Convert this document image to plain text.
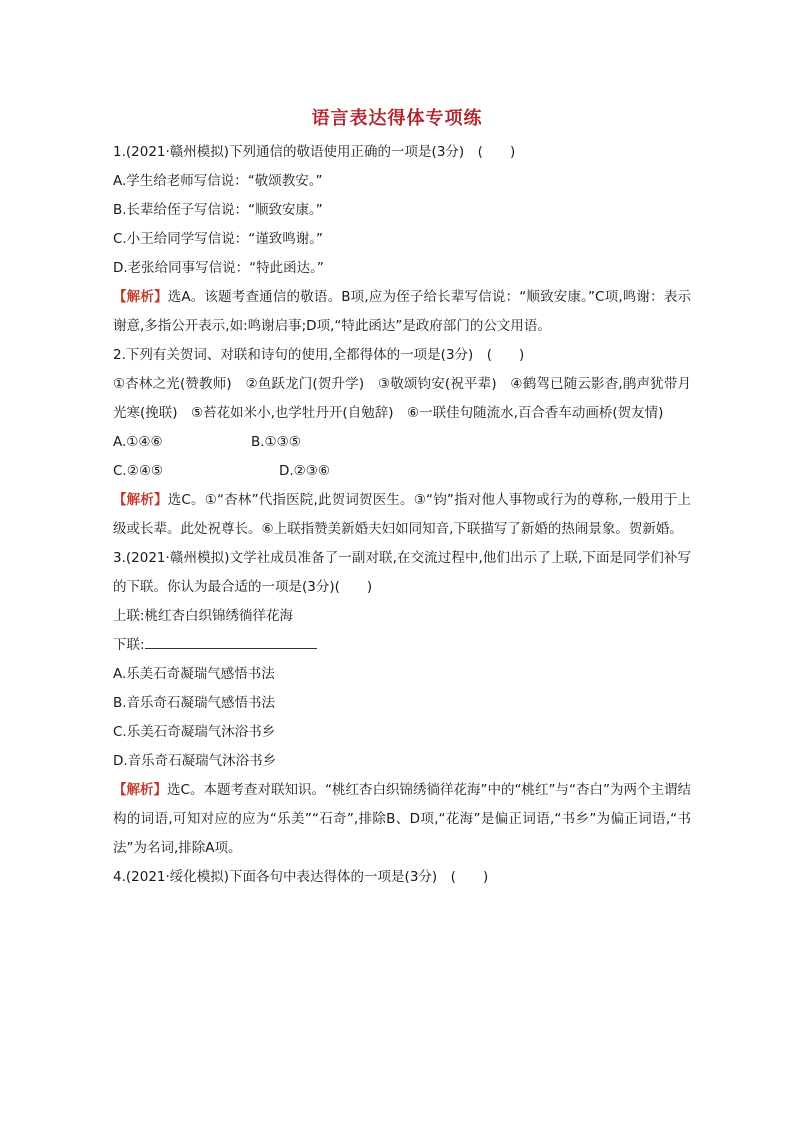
语言表达得体专项练
1.(2021·赣州模拟)下列通信的敬语使用正确的一项是(3分)　(　　)
A.学生给老师写信说：“敬颂教安。”
B.长辈给侄子写信说：“顺致安康。”
C.小王给同学写信说：“谨致鸣谢。”
D.老张给同事写信说：“特此函达。”
【解析】选A。该题考查通信的敬语。B项,应为侄子给长辈写信说：“顺致安康。”C项,鸣谢：表示谢意,多指公开表示,如:鸣谢启事;D项,“特此函达”是政府部门的公文用语。
2.下列有关贺词、对联和诗句的使用,全都得体的一项是(3分)　(　　)
①杏林之光(赞教师)　②鱼跃龙门(贺升学)　③敬颂钧安(祝平辈)　④鹤驾已随云影杳,鹃声犹带月光寒(挽联)　⑤苔花如米小,也学牡丹开(自勉辞)　⑥一联佳句随流水,百合香车动画桥(贺友情)
A.①④⑥	B.①③⑤
C.②④⑤	D.②③⑥
【解析】选C。①“杏林”代指医院,此贺词贺医生。③“钧”指对他人事物或行为的尊称,一般用于上级或长辈。此处祝尊长。⑥上联指赞美新婚夫妇如同知音,下联描写了新婚的热闹景象。贺新婚。
3.(2021·赣州模拟)文学社成员准备了一副对联,在交流过程中,他们出示了上联,下面是同学们补写的下联。你认为最合适的一项是(3分)(　　)
上联:桃红杏白织锦绣徜徉花海
下联:
A.乐美石奇凝瑞气感悟书法
B.音乐奇石凝瑞气感悟书法
C.乐美石奇凝瑞气沐浴书乡
D.音乐奇石凝瑞气沐浴书乡
【解析】选C。本题考查对联知识。“桃红杏白织锦绣徜徉花海”中的“桃红”与“杏白”为两个主谓结构的词语,可知对应的应为“乐美”“石奇”,排除B、D项,“花海”是偏正词语,“书乡”为偏正词语,“书法”为名词,排除A项。
4.(2021·绥化模拟)下面各句中表达得体的一项是(3分)　(　　)
